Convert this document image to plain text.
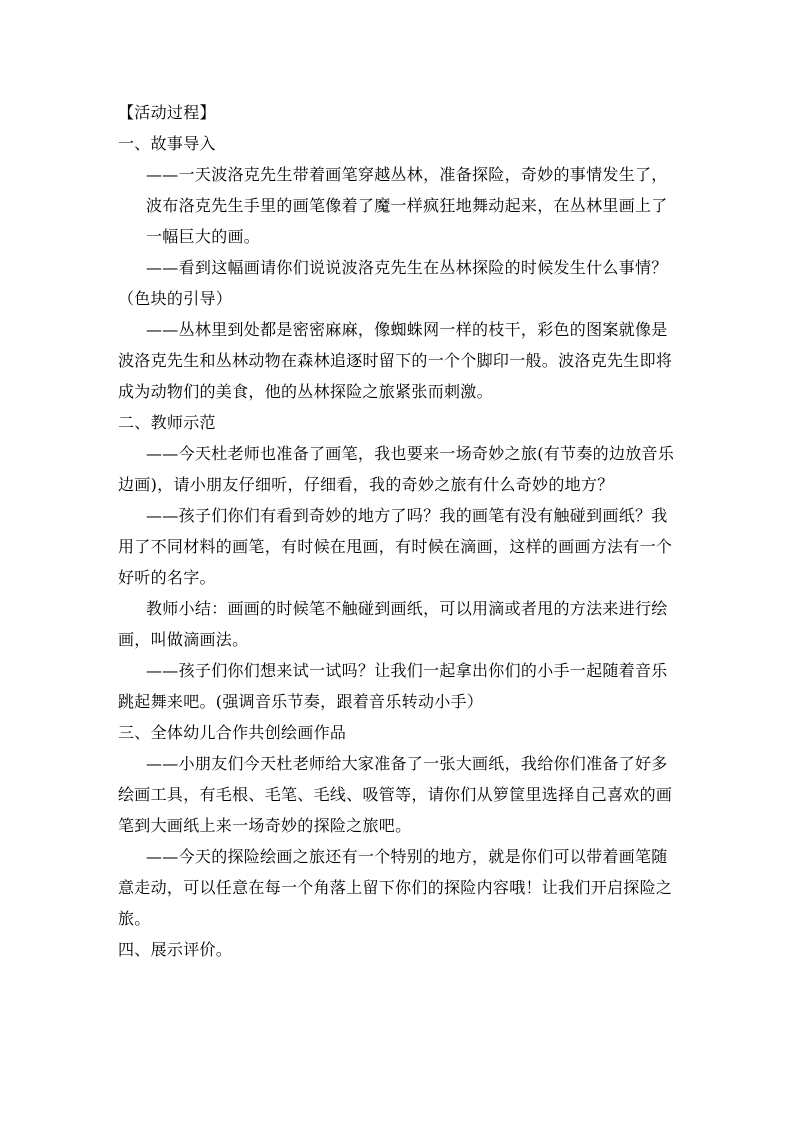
【活动过程】
一、故事导入
——一天波洛克先生带着画笔穿越丛林，准备探险，奇妙的事情发生了，
波布洛克先生手里的画笔像着了魔一样疯狂地舞动起来，在丛林里画上了
一幅巨大的画。
——看到这幅画请你们说说波洛克先生在丛林探险的时候发生什么事情？
（色块的引导）
——丛林里到处都是密密麻麻，像蜘蛛网一样的枝干，彩色的图案就像是
波洛克先生和丛林动物在森林追逐时留下的一个个脚印一般。波洛克先生即将
成为动物们的美食，他的丛林探险之旅紧张而刺激。
二、教师示范
——今天杜老师也准备了画笔，我也要来一场奇妙之旅(有节奏的边放音乐
边画)，请小朋友仔细听，仔细看，我的奇妙之旅有什么奇妙的地方？
——孩子们你们有看到奇妙的地方了吗？我的画笔有没有触碰到画纸？我
用了不同材料的画笔，有时候在甩画，有时候在滴画，这样的画画方法有一个
好听的名字。
教师小结：画画的时候笔不触碰到画纸，可以用滴或者甩的方法来进行绘
画，叫做滴画法。
——孩子们你们想来试一试吗？让我们一起拿出你们的小手一起随着音乐
跳起舞来吧。(强调音乐节奏，跟着音乐转动小手）
三、全体幼儿合作共创绘画作品
——小朋友们今天杜老师给大家准备了一张大画纸，我给你们准备了好多
绘画工具，有毛根、毛笔、毛线、吸管等，请你们从箩筐里选择自己喜欢的画
笔到大画纸上来一场奇妙的探险之旅吧。
——今天的探险绘画之旅还有一个特别的地方，就是你们可以带着画笔随
意走动，可以任意在每一个角落上留下你们的探险内容哦！让我们开启探险之
旅。
四、展示评价。
